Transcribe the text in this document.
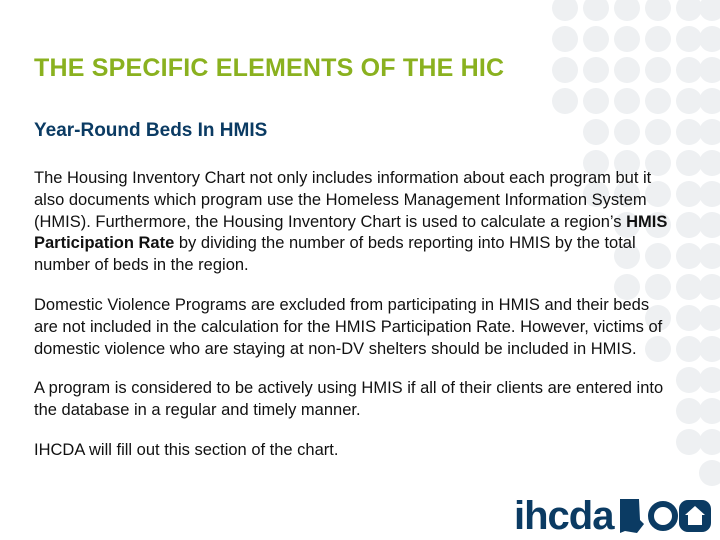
THE SPECIFIC ELEMENTS OF THE HIC
Year-Round Beds In HMIS

The Housing Inventory Chart not only includes information about each program but it also documents which program use the Homeless Management Information System (HMIS). Furthermore, the Housing Inventory Chart is used to calculate a region’s HMIS Participation Rate by dividing the number of beds reporting into HMIS by the total number of beds in the region.

Domestic Violence Programs are excluded from participating in HMIS and their beds are not included in the calculation for the HMIS Participation Rate. However, victims of domestic violence who are staying at non-DV shelters should be included in HMIS.

A program is considered to be actively using HMIS if all of their clients are entered into the database in a regular and timely manner.

IHCDA will fill out this section of the chart.

ihcda
